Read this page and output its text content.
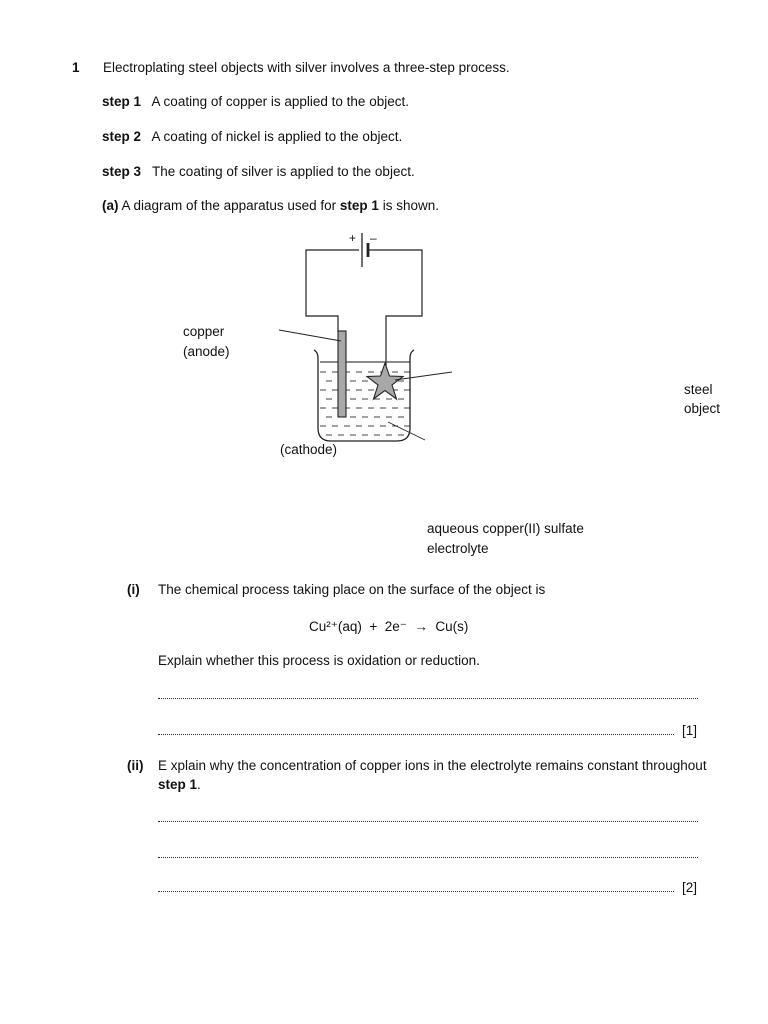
1 Electroplating steel objects with silver involves a three-step process.
step 1 A coating of copper is applied to the object.
step 2 A coating of nickel is applied to the object.
step 3 The coating of silver is applied to the object.
(a) A diagram of the apparatus used for step 1 is shown.
+ –
copper
(anode)
(cathode)
steel
object
aqueous copper(II) sulfate
electrolyte
(i) The chemical process taking place on the surface of the object is
Cu²⁺(aq)  +  2e⁻  →  Cu(s)
Explain whether this process is oxidation or reduction.
[1]
(ii) E xplain why the concentration of copper ions in the electrolyte remains constant throughout
step 1.
[2]
